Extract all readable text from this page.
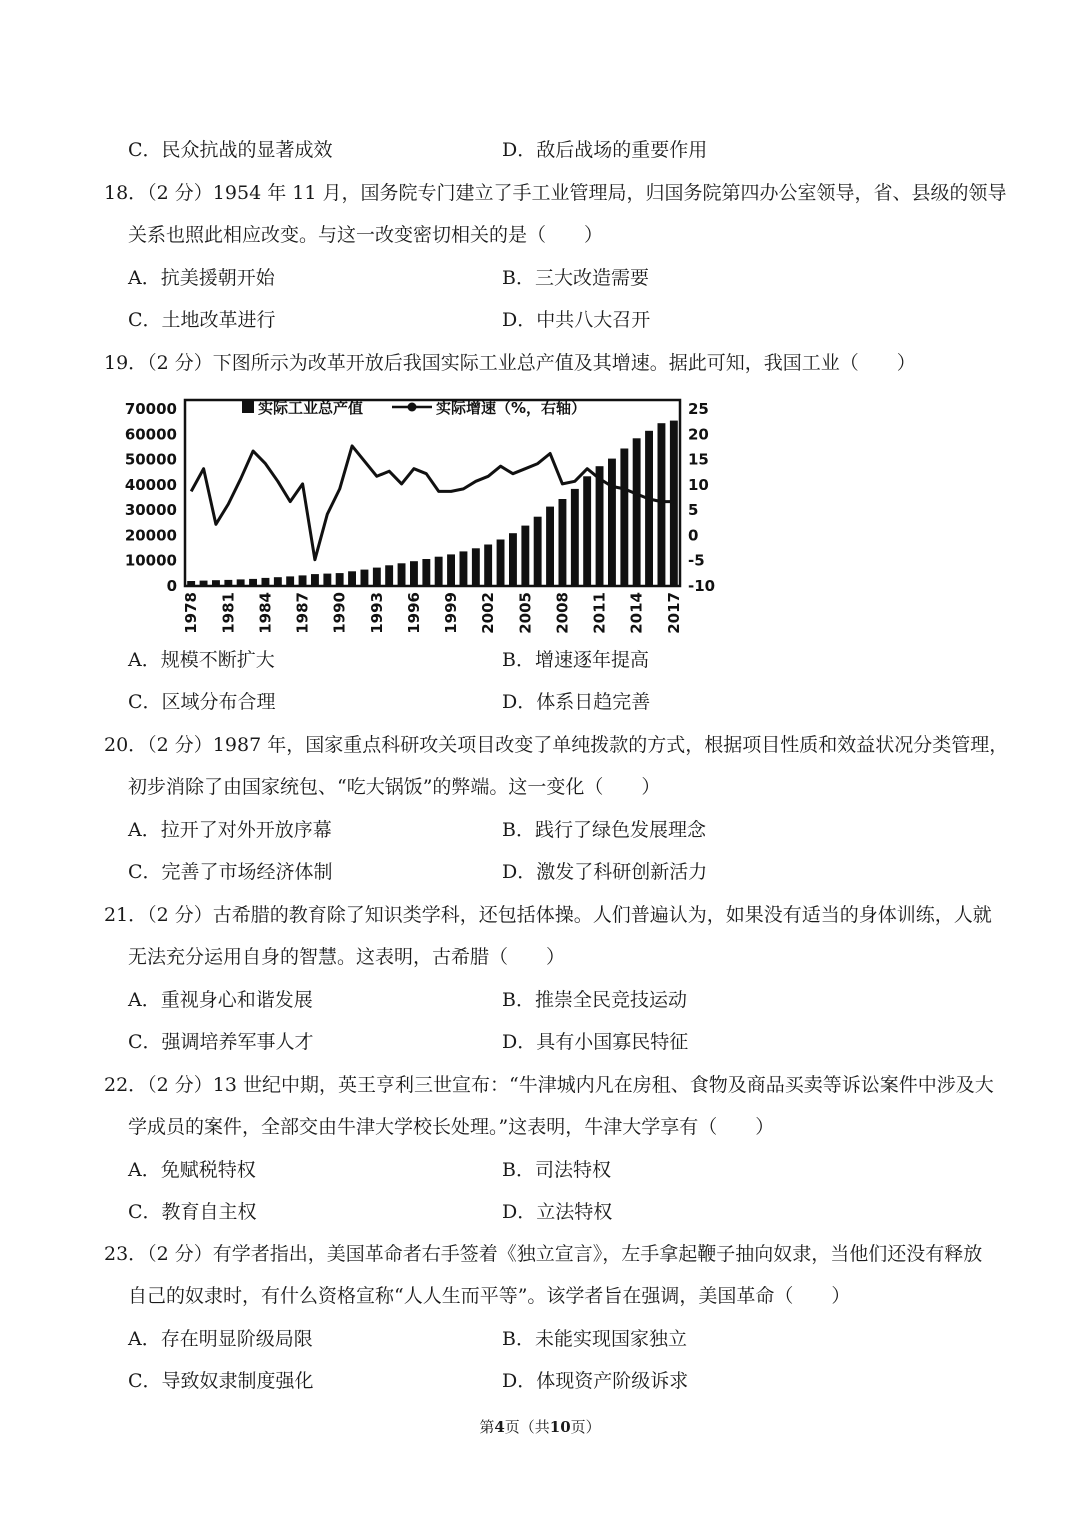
C．民众抗战的显著成效	D．敌后战场的重要作用
18．（2 分）1954 年 11 月，国务院专门建立了手工业管理局，归国务院第四办公室领导，省、县级的领导
关系也照此相应改变。与这一改变密切相关的是（　　）
A．抗美援朝开始	B．三大改造需要
C．土地改革进行	D．中共八大召开
19．（2 分）下图所示为改革开放后我国实际工业总产值及其增速。据此可知，我国工业（　　）
实际工业总产值	实际增速（%，右轴）
70000
60000
50000
40000
30000
20000
10000
0
25
20
15
10
5
0
-5
-10
1978 1981 1984 1987 1990 1993 1996 1999 2002 2005 2008 2011 2014 2017
A．规模不断扩大	B．增速逐年提高
C．区域分布合理	D．体系日趋完善
20．（2 分）1987 年，国家重点科研攻关项目改变了单纯拨款的方式，根据项目性质和效益状况分类管理，
初步消除了由国家统包、“吃大锅饭”的弊端。这一变化（　　）
A．拉开了对外开放序幕	B．践行了绿色发展理念
C．完善了市场经济体制	D．激发了科研创新活力
21．（2 分）古希腊的教育除了知识类学科，还包括体操。人们普遍认为，如果没有适当的身体训练，人就
无法充分运用自身的智慧。这表明，古希腊（　　）
A．重视身心和谐发展	B．推崇全民竞技运动
C．强调培养军事人才	D．具有小国寡民特征
22．（2 分）13 世纪中期，英王亨利三世宣布：“牛津城内凡在房租、食物及商品买卖等诉讼案件中涉及大
学成员的案件，全部交由牛津大学校长处理。”这表明，牛津大学享有（　　）
A．免赋税特权	B．司法特权
C．教育自主权	D．立法特权
23．（2 分）有学者指出，美国革命者右手签着《独立宣言》，左手拿起鞭子抽向奴隶，当他们还没有释放
自己的奴隶时，有什么资格宣称“人人生而平等”。该学者旨在强调，美国革命（　　）
A．存在明显阶级局限	B．未能实现国家独立
C．导致奴隶制度强化	D．体现资产阶级诉求
第4页（共10页）
